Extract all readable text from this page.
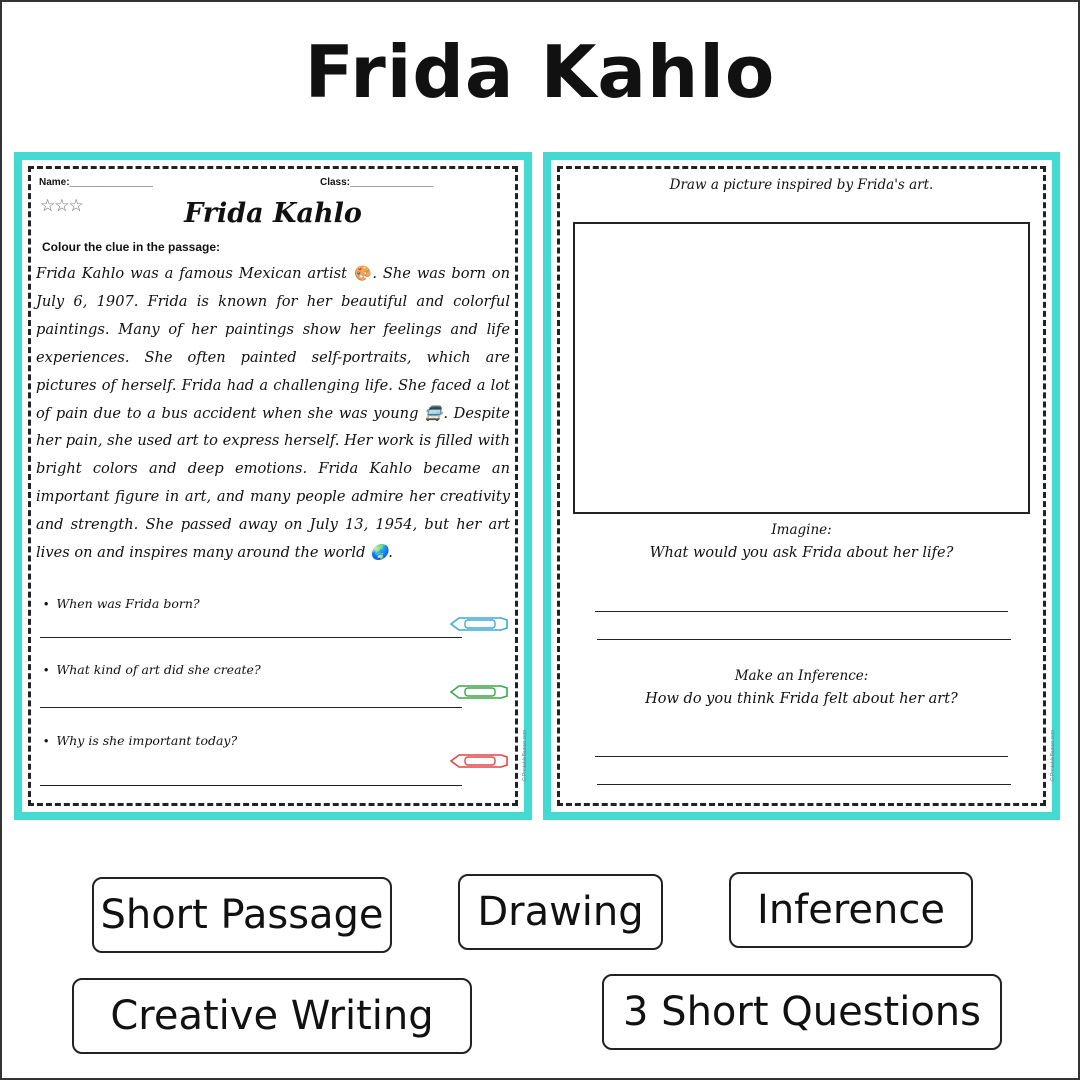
Frida Kahlo
Name:_______________	Class:_______________
☆☆☆	Frida Kahlo
Colour the clue in the passage:
Frida Kahlo was a famous Mexican artist 🎨. She was born on July 6, 1907. Frida is known for her beautiful and colorful paintings. Many of her paintings show her feelings and life experiences. She often painted self-portraits, which are pictures of herself. Frida had a challenging life. She faced a lot of pain due to a bus accident when she was young 🚍. Despite her pain, she used art to express herself. Her work is filled with bright colors and deep emotions. Frida Kahlo became an important figure in art, and many people admire her creativity and strength. She passed away on July 13, 1954, but her art lives on and inspires many around the world 🌏.
• When was Frida born?
• What kind of art did she create?
• Why is she important today?	© PrintableBazaar.com
Draw a picture inspired by Frida's art.
Imagine:
What would you ask Frida about her life?
Make an Inference:
How do you think Frida felt about her art?
© PrintableBazaar.com
Short Passage	Drawing	Inference
Creative Writing	3 Short Questions
